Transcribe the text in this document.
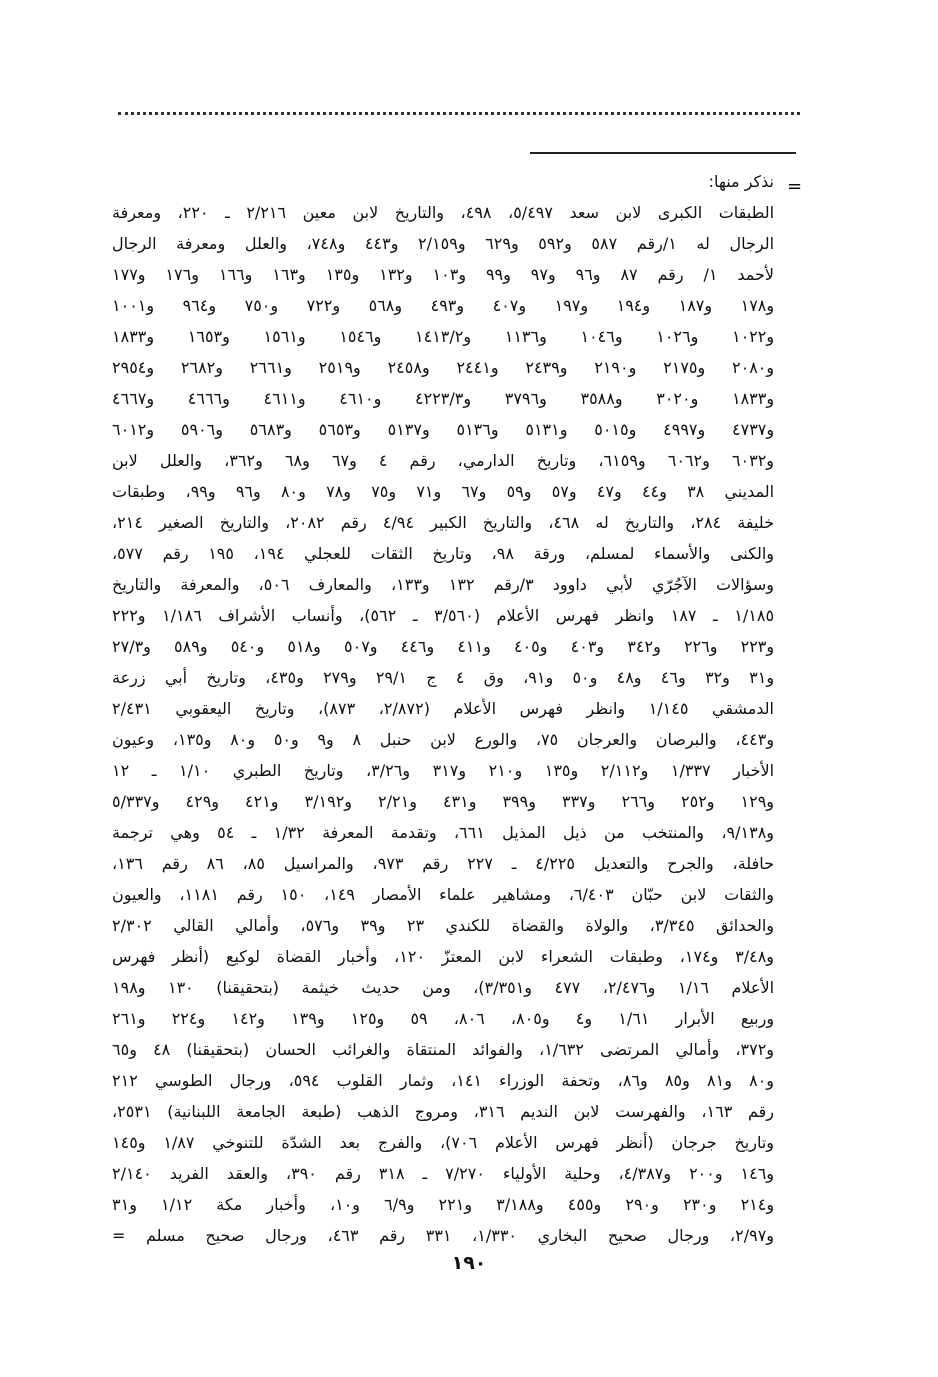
=
نذكر منها:
الطبقات الكبرى لابن سعد ٥/٤٩٧، ٤٩٨، والتاريخ لابن معين ٢/٢١٦ ـ ٢٢٠، ومعرفة
الرجال له ١/رقم ٥٨٧ و٥٩٢ و٦٢٩ و٢/١٥٩ و٤٤٣ و٧٤٨، والعلل ومعرفة الرجال
لأحمد ١/ رقم ٨٧ و٩٦ و٩٧ و٩٩ و١٠٣ و١٣٢ و١٣٥ و١٦٣ و١٦٦ و١٧٦ و١٧٧
و١٧٨ و١٨٧ و١٩٤ و١٩٧ و٤٠٧ و٤٩٣ و٥٦٨ و٧٢٢ و٧٥٠ و٩٦٤ و١٠٠١
و١٠٢٢ و١٠٢٦ و١٠٤٦ و١١٣٦ و١٤١٣/٢ و١٥٤٦ و١٥٦١ و١٦٥٣ و١٨٣٣
و٢٠٨٠ و٢١٧٥ و٢١٩٠ و٢٤٣٩ و٢٤٤١ و٢٤٥٨ و٢٥١٩ و٢٦٦١ و٢٦٨٢ و٢٩٥٤
و١٨٣٣ و٣٠٢٠ و٣٥٨٨ و٣٧٩٦ و٤٢٢٣/٣ و٤٦١٠ و٤٦١١ و٤٦٦٦ و٤٦٦٧
و٤٧٣٧ و٤٩٩٧ و٥٠١٥ و٥١٣١ و٥١٣٦ و٥١٣٧ و٥٦٥٣ و٥٦٨٣ و٥٩٠٦ و٦٠١٢
و٦٠٣٢ و٦٠٦٢ و٦١٥٩، وتاريخ الدارمي، رقم ٤ و٦٧ و٦٨ و٣٦٢، والعلل لابن
المديني ٣٨ و٤٤ و٤٧ و٥٧ و٥٩ و٦٧ و٧١ و٧٥ و٧٨ و٨٠ و٩٦ و٩٩، وطبقات
خليفة ٢٨٤، والتاريخ له ٤٦٨، والتاريخ الكبير ٤/٩٤ رقم ٢٠٨٢، والتاريخ الصغير ٢١٤،
والكنى والأسماء لمسلم، ورقة ٩٨، وتاريخ الثقات للعجلي ١٩٤، ١٩٥ رقم ٥٧٧،
وسؤالات الآجُرّي لأبي داوود ٣/رقم ١٣٢ و١٣٣، والمعارف ٥٠٦، والمعرفة والتاريخ
١/١٨٥ ـ ١٨٧ وانظر فهرس الأعلام (٣/٥٦٠ ـ ٥٦٢)، وأنساب الأشراف ١/١٨٦ و٢٢٢
و٢٢٣ و٢٢٦ و٣٤٢ و٤٠٣ و٤٠٥ و٤١١ و٤٤٦ و٥٠٧ و٥١٨ و٥٤٠ و٥٨٩ و٢٧/٣
و٣١ و٣٢ و٤٦ و٤٨ و٥٠ و٩١، وق ٤ ج ٢٩/١ و٢٧٩ و٤٣٥، وتاريخ أبي زرعة
الدمشقي ١/١٤٥ وانظر فهرس الأعلام (٢/٨٧٢، ٨٧٣)، وتاريخ اليعقوبي ٢/٤٣١
و٤٤٣، والبرصان والعرجان ٧٥، والورع لابن حنبل ٨ و٩ و٥٠ و٨٠ و١٣٥، وعيون
الأخبار ١/٣٣٧ و٢/١١٢ و١٣٥ و٢١٠ و٣١٧ و٣/٢٦، وتاريخ الطبري ١/١٠ ـ ١٢
و١٢٩ و٢٥٢ و٢٦٦ و٣٣٧ و٣٩٩ و٤٣١ و٢/٢١ و٣/١٩٢ و٤٢١ و٤٢٩ و٥/٣٣٧
و٩/١٣٨، والمنتخب من ذيل المذيل ٦٦١، وتقدمة المعرفة ١/٣٢ ـ ٥٤ وهي ترجمة
حافلة، والجرح والتعديل ٤/٢٢٥ ـ ٢٢٧ رقم ٩٧٣، والمراسيل ٨٥، ٨٦ رقم ١٣٦،
والثقات لابن حبّان ٦/٤٠٣، ومشاهير علماء الأمصار ١٤٩، ١٥٠ رقم ١١٨١، والعيون
والحدائق ٣/٣٤٥، والولاة والقضاة للكندي ٢٣ و٣٩ و٥٧٦، وأمالي القالي ٢/٣٠٢
و٣/٤٨ و١٧٤، وطبقات الشعراء لابن المعتزّ ١٢٠، وأخبار القضاة لوكيع (أنظر فهرس
الأعلام ١/١٦ و٢/٤٧٦، ٤٧٧ و٣/٣٥١)، ومن حديث خيثمة (بتحقيقنا) ١٣٠ و١٩٨
وربيع الأبرار ١/٦١ و٤ و٨٠٥، ٨٠٦، ٥٩ و١٢٥ و١٣٩ و١٤٢ و٢٢٤ و٢٦١
و٣٧٢، وأمالي المرتضى ١/٦٣٢، والفوائد المنتقاة والغرائب الحسان (بتحقيقنا) ٤٨ و٦٥
و٨٠ و٨١ و٨٥ و٨٦، وتحفة الوزراء ١٤١، وثمار القلوب ٥٩٤، ورجال الطوسي ٢١٢
رقم ١٦٣، والفهرست لابن النديم ٣١٦، ومروج الذهب (طبعة الجامعة اللبنانية) ٢٥٣١،
وتاريخ جرجان (أنظر فهرس الأعلام ٧٠٦)، والفرج بعد الشدّة للتنوخي ١/٨٧ و١٤٥
و١٤٦ و٢٠٠ و٤/٣٨٧، وحلية الأولياء ٧/٢٧٠ ـ ٣١٨ رقم ٣٩٠، والعقد الفريد ٢/١٤٠
و٢١٤ و٢٣٠ و٢٩٠ و٤٥٥ و٣/١٨٨ و٢٢١ و٦/٩ و١٠، وأخبار مكة ١/١٢ و٣١
و٢/٩٧، ورجال صحيح البخاري ١/٣٣٠، ٣٣١ رقم ٤٦٣، ورجال صحيح مسلم =
١٩٠
